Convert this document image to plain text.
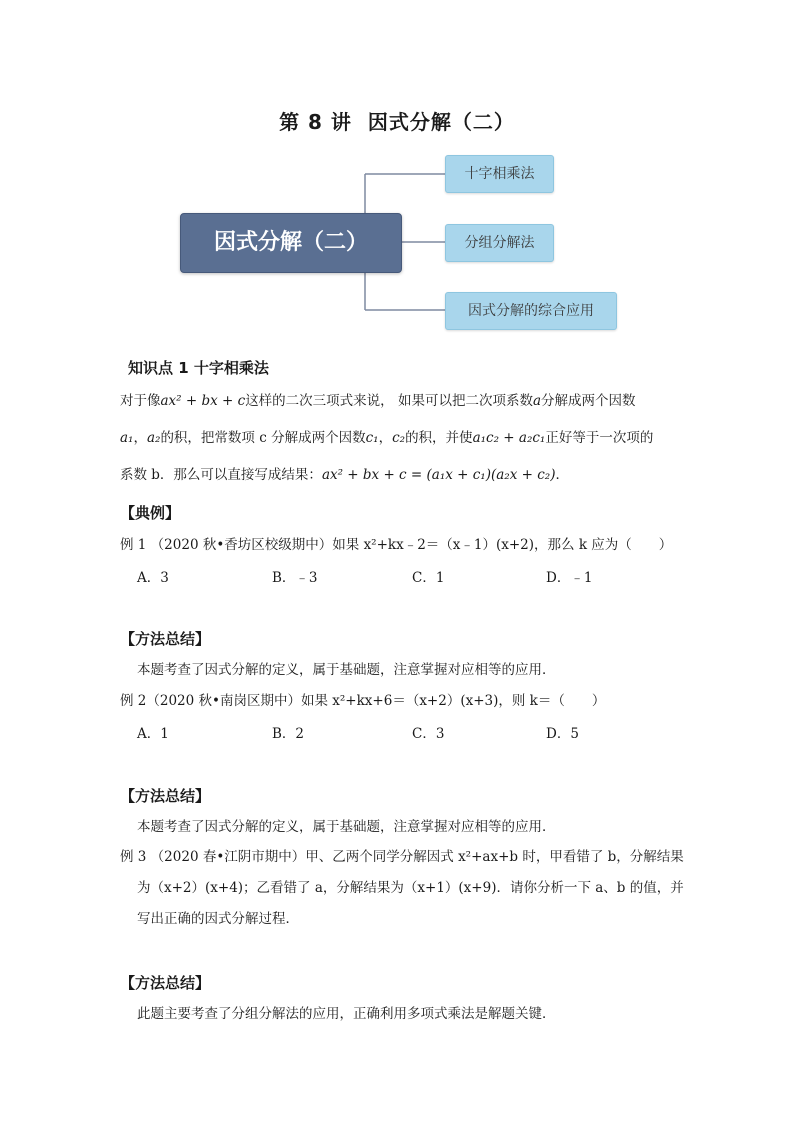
第 8 讲 因式分解（二）
因式分解（二）
十字相乘法
分组分解法
因式分解的综合应用
知识点 1 十字相乘法
对于像ax² + bx + c这样的二次三项式来说， 如果可以把二次项系数a分解成两个因数
a₁，a₂的积，把常数项 c 分解成两个因数c₁，c₂的积，并使a₁c₂ + a₂c₁正好等于一次项的
系数 b．那么可以直接写成结果：ax² + bx + c = (a₁x + c₁)(a₂x + c₂)．
【典例】
例 1 （2020 秋•香坊区校级期中）如果 x²+kx﹣2＝（x﹣1）(x+2)，那么 k 应为（　　）
A．3	B．﹣3	C．1	D．﹣1
【方法总结】
本题考查了因式分解的定义，属于基础题，注意掌握对应相等的应用．
例 2（2020 秋•南岗区期中）如果 x²+kx+6＝（x+2）(x+3)，则 k＝（　　）
A．1	B．2	C．3	D．5
【方法总结】
本题考查了因式分解的定义，属于基础题，注意掌握对应相等的应用．
例 3 （2020 春•江阴市期中）甲、乙两个同学分解因式 x²+ax+b 时，甲看错了 b，分解结果
为（x+2）(x+4)；乙看错了 a，分解结果为（x+1）(x+9)．请你分析一下 a、b 的值，并
写出正确的因式分解过程．
【方法总结】
此题主要考查了分组分解法的应用，正确利用多项式乘法是解题关键．
